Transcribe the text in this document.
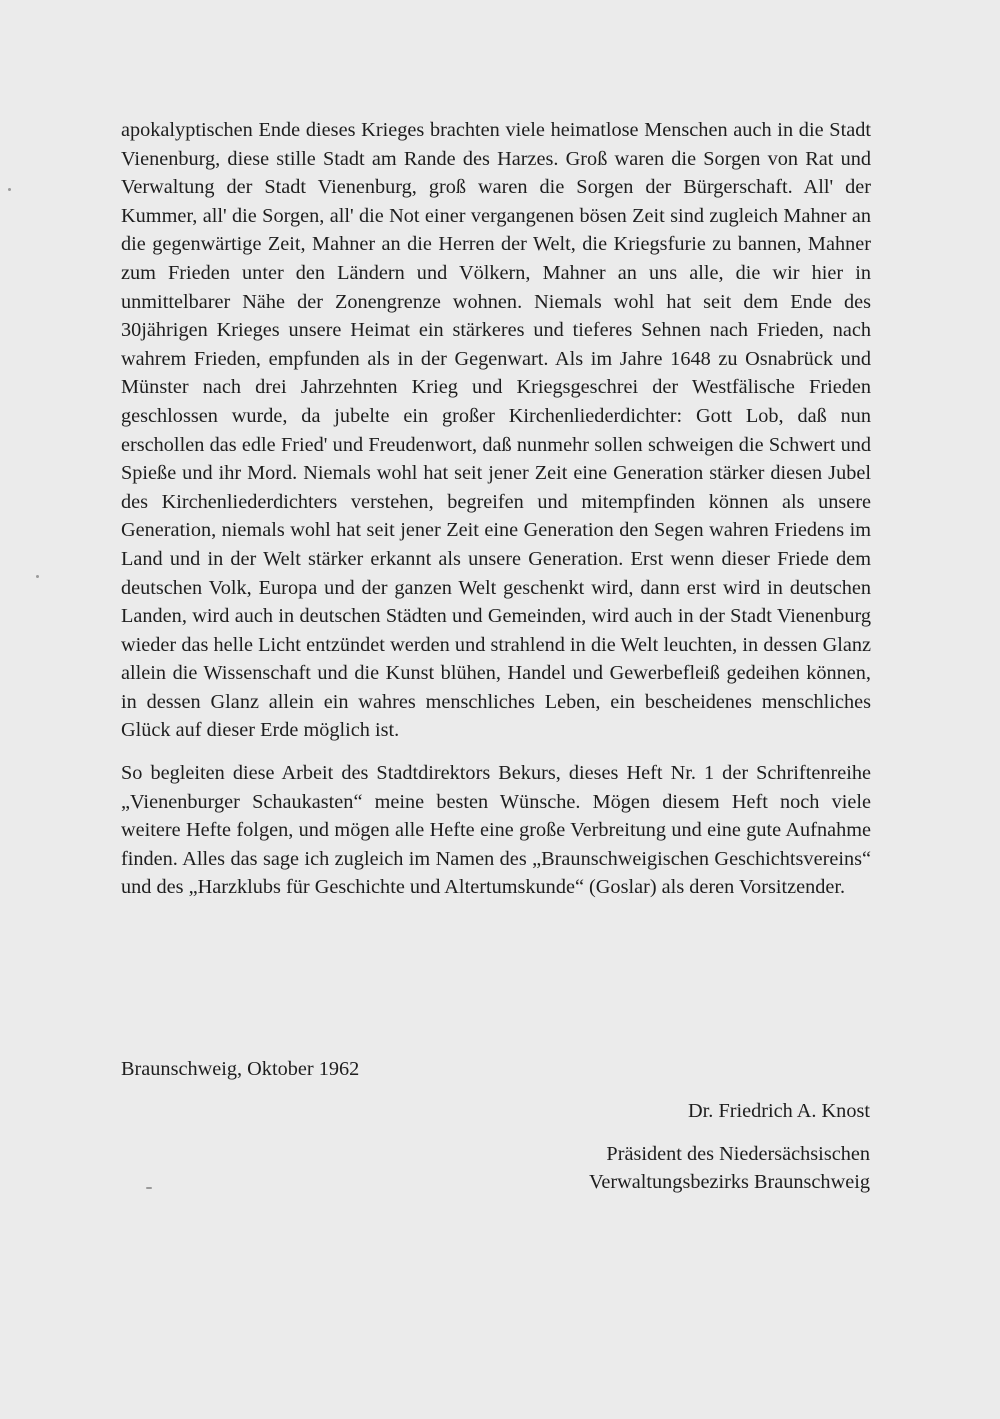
apokalyptischen Ende dieses Krieges brachten viele heimatlose Menschen auch in die Stadt Vienenburg, diese stille Stadt am Rande des Harzes. Groß waren die Sorgen von Rat und Verwaltung der Stadt Vienenburg, groß waren die Sorgen der Bürgerschaft. All' der Kummer, all' die Sorgen, all' die Not einer vergangenen bösen Zeit sind zugleich Mahner an die gegenwärtige Zeit, Mahner an die Herren der Welt, die Kriegsfurie zu bannen, Mahner zum Frieden unter den Ländern und Völkern, Mahner an uns alle, die wir hier in unmittelbarer Nähe der Zonengrenze wohnen. Niemals wohl hat seit dem Ende des 30jährigen Krieges unsere Heimat ein stärkeres und tieferes Sehnen nach Frieden, nach wahrem Frieden, empfunden als in der Gegenwart. Als im Jahre 1648 zu Osnabrück und Münster nach drei Jahrzehnten Krieg und Kriegsgeschrei der Westfälische Frieden geschlossen wurde, da jubelte ein großer Kirchenliederdichter: Gott Lob, daß nun erschollen das edle Fried' und Freudenwort, daß nunmehr sollen schweigen die Schwert und Spieße und ihr Mord. Niemals wohl hat seit jener Zeit eine Generation stärker diesen Jubel des Kirchenliederdichters verstehen, begreifen und mitempfinden können als unsere Generation, niemals wohl hat seit jener Zeit eine Generation den Segen wahren Friedens im Land und in der Welt stärker erkannt als unsere Generation. Erst wenn dieser Friede dem deutschen Volk, Europa und der ganzen Welt geschenkt wird, dann erst wird in deutschen Landen, wird auch in deutschen Städten und Gemeinden, wird auch in der Stadt Vienenburg wieder das helle Licht entzündet werden und strahlend in die Welt leuchten, in dessen Glanz allein die Wissenschaft und die Kunst blühen, Handel und Gewerbefleiß gedeihen können, in dessen Glanz allein ein wahres menschliches Leben, ein bescheidenes menschliches Glück auf dieser Erde möglich ist.

So begleiten diese Arbeit des Stadtdirektors Bekurs, dieses Heft Nr. 1 der Schriftenreihe „Vienenburger Schaukasten“ meine besten Wünsche. Mögen diesem Heft noch viele weitere Hefte folgen, und mögen alle Hefte eine große Verbreitung und eine gute Aufnahme finden. Alles das sage ich zugleich im Namen des „Braunschweigischen Geschichtsvereins“ und des „Harzklubs für Geschichte und Altertumskunde“ (Goslar) als deren Vorsitzender.

Braunschweig, Oktober 1962
Dr. Friedrich A. Knost
Präsident des Niedersächsischen
Verwaltungsbezirks Braunschweig
